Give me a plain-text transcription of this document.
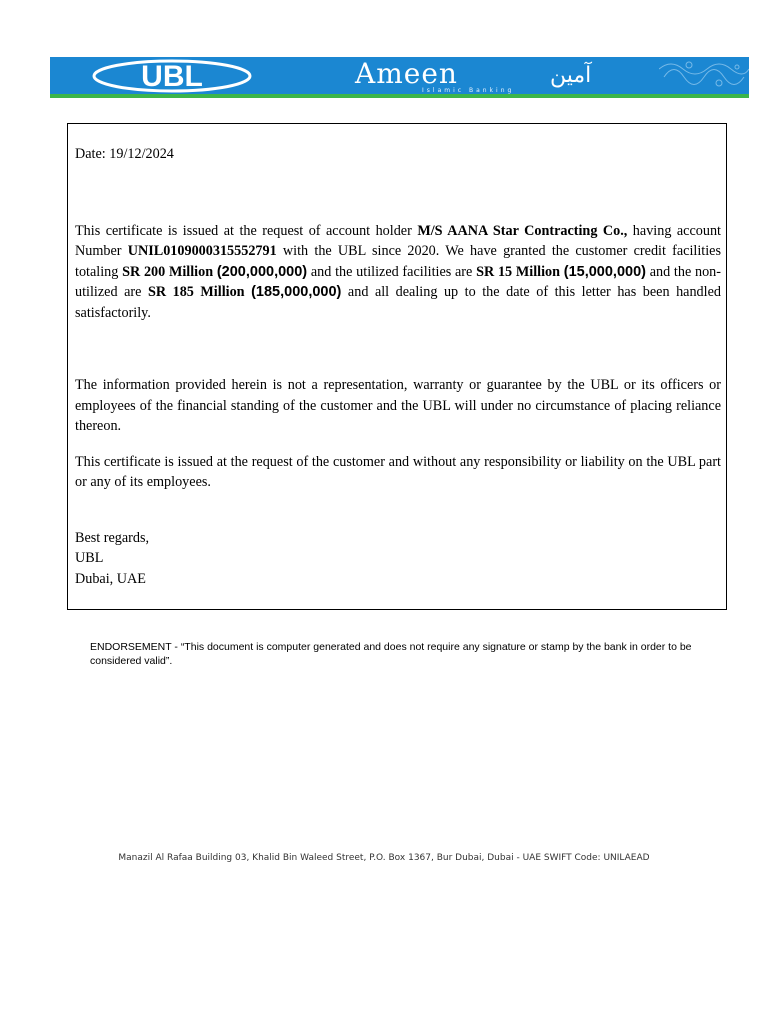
UBL	Ameen
Islamic Banking
آمین

Date: 19/12/2024

This certificate is issued at the request of account holder M/S AANA Star Contracting Co., having account Number UNIL0109000315552791 with the UBL since 2020. We have granted the customer credit facilities totaling SR 200 Million (200,000,000) and the utilized facilities are SR 15 Million (15,000,000) and the non-utilized are SR 185 Million (185,000,000) and all dealing up to the date of this letter has been handled satisfactorily.

The information provided herein is not a representation, warranty or guarantee by the UBL or its officers or employees of the financial standing of the customer and the UBL will under no circumstance of placing reliance thereon.

This certificate is issued at the request of the customer and without any responsibility or liability on the UBL part or any of its employees.

Best regards,

UBL

Dubai, UAE

ENDORSEMENT - “This document is computer generated and does not require any signature or stamp by the bank in order to be considered valid”.
Manazil Al Rafaa Building 03, Khalid Bin Waleed Street, P.O. Box 1367, Bur Dubai, Dubai - UAE SWIFT Code: UNILAEAD
